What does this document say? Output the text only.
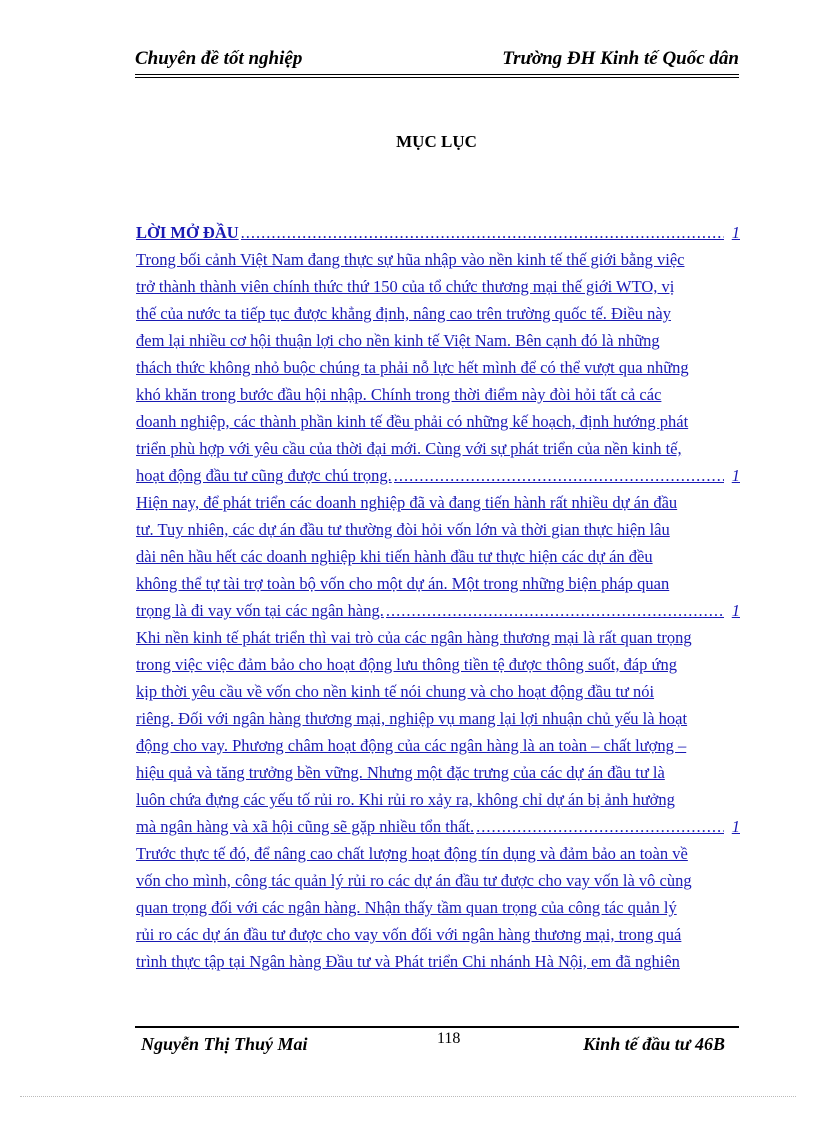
Chuyên đề tốt nghiệp	Trường ĐH Kinh tế Quốc dân
MỤC LỤC
LỜI MỞ ĐẦU .....	1
Trong bối cảnh Việt Nam đang thực sự hũa nhập vào nền kinh tế thế giới bằng việc
trở thành thành viên chính thức thứ 150 của tổ chức thương mại thế giới WTO, vị
thế của nước ta tiếp tục được khẳng định, nâng cao trên trường quốc tế. Điều này
đem lại nhiều cơ hội thuận lợi cho nền kinh tế Việt Nam. Bên cạnh đó là những
thách thức không nhỏ buộc chúng ta phải nỗ lực hết mình để có thể vượt qua những
khó khăn trong bước đầu hội nhập. Chính trong thời điểm này đòi hỏi tất cả các
doanh nghiệp, các thành phần kinh tế đều phải có những kế hoạch, định hướng phát
triển phù hợp với yêu cầu của thời đại mới. Cùng với sự phát triển của nền kinh tế,
hoạt động đầu tư cũng được chú trọng. .....	1
Hiện nay, để phát triển các doanh nghiệp đã và đang tiến hành rất nhiều dự án đầu
tư. Tuy nhiên, các dự án đầu tư thường đòi hỏi vốn lớn và thời gian thực hiện lâu
dài nên hầu hết các doanh nghiệp khi tiến hành đầu tư thực hiện các dự án đều
không thể tự tài trợ toàn bộ vốn cho một dự án. Một trong những biện pháp quan
trọng là đi vay vốn tại các ngân hàng. .....	1
Khi nền kinh tế phát triển thì vai trò của các ngân hàng thương mại là rất quan trọng
trong việc việc đảm bảo cho hoạt động lưu thông tiền tệ được thông suốt, đáp ứng
kịp thời yêu cầu về vốn cho nền kinh tế nói chung và cho hoạt động đầu tư nói
riêng. Đối với ngân hàng thương mại, nghiệp vụ mang lại lợi nhuận chủ yếu là hoạt
động cho vay. Phương châm hoạt động của các ngân hàng là an toàn – chất lượng –
hiệu quả và tăng trưởng bền vững. Nhưng một đặc trưng của các dự án đầu tư là
luôn chứa đựng các yếu tố rủi ro. Khi rủi ro xảy ra, không chỉ dự án bị ảnh hưởng
mà ngân hàng và xã hội cũng sẽ gặp nhiều tổn thất. .....	1
Trước thực tế đó, để nâng cao chất lượng hoạt động tín dụng và đảm bảo an toàn về
vốn cho mình, công tác quản lý rủi ro các dự án đầu tư được cho vay vốn là vô cùng
quan trọng đối với các ngân hàng. Nhận thấy tầm quan trọng của công tác quản lý
rủi ro các dự án đầu tư được cho vay vốn đối với ngân hàng thương mại, trong quá
trình thực tập tại Ngân hàng Đầu tư và Phát triển Chi nhánh Hà Nội, em đã nghiên
Nguyễn Thị Thuý Mai	118	Kinh tế đầu tư 46B
